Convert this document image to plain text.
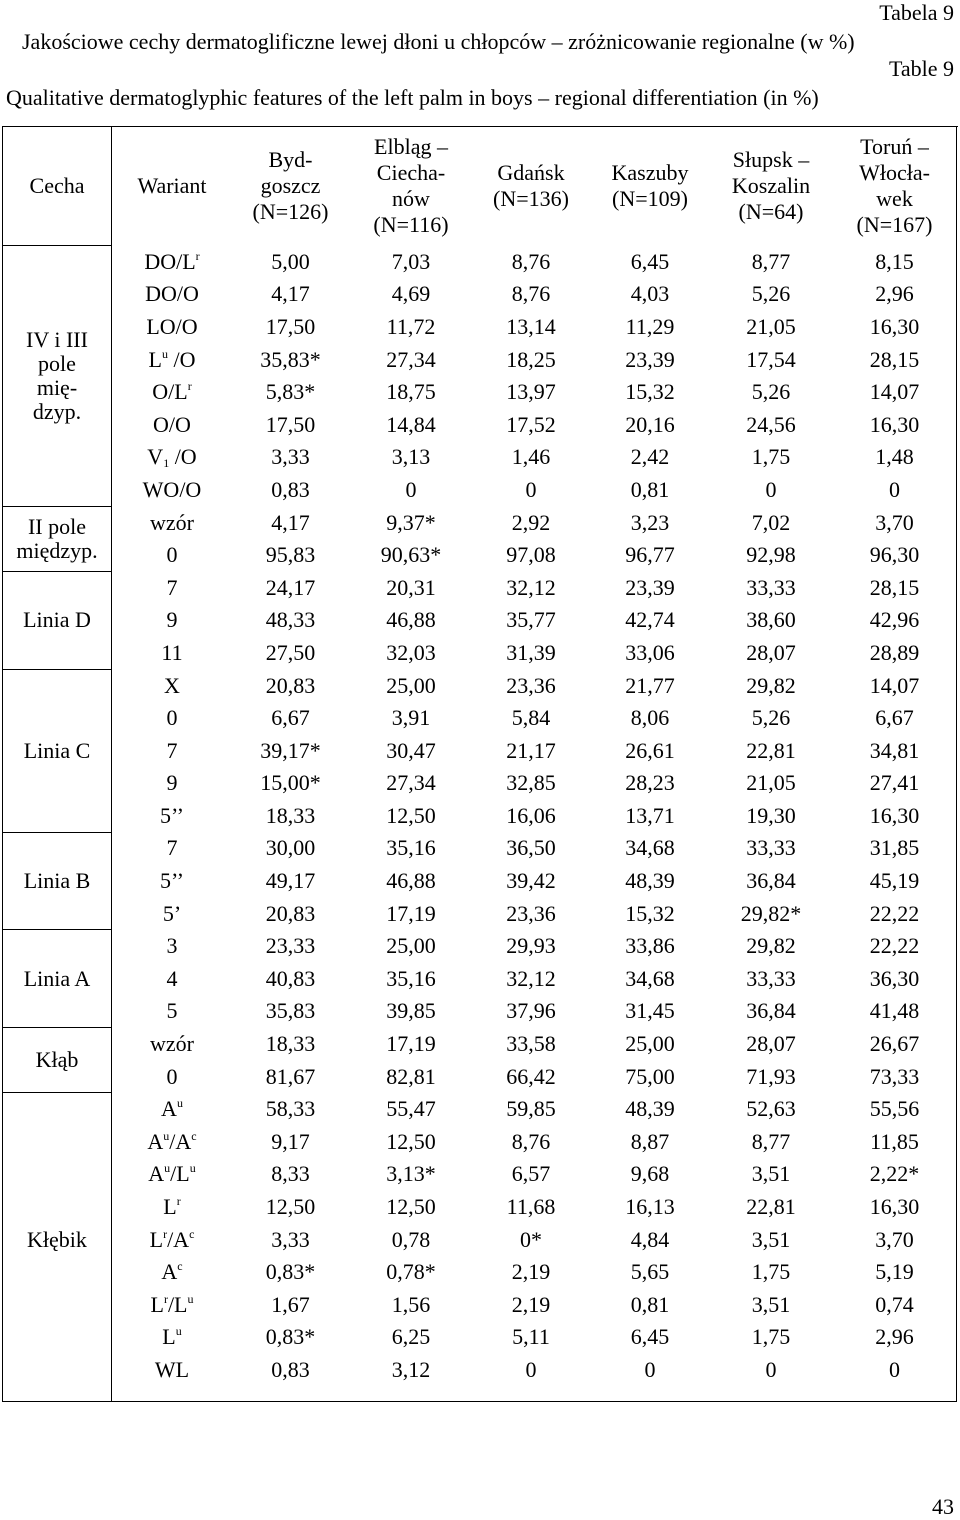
Tabela 9
Jakościowe cechy dermatoglificzne lewej dłoni u chłopców – zróżnicowanie regionalne (w %)
Table 9
Qualitative dermatoglyphic features of the left palm in boys – regional differentiation (in %)
Cecha	Wariant	Byd-
goszcz
(N=126)	Elbląg –
Ciecha-
nów
(N=116)	Gdańsk
(N=136)	Kaszuby
(N=109)	Słupsk –
Koszalin
(N=64)	Toruń –
Włocła-
wek
(N=167)
IV i III
pole
mię-
dzyp.	$DO/L^r$	5,00	7,03	8,76	6,45	8,77	8,15
	DO/O	4,17	4,69	8,76	4,03	5,26	2,96
	LO/O	17,50	11,72	13,14	11,29	21,05	16,30
	$L^u$ /O	35,83*	27,34	18,25	23,39	17,54	28,15
	$O/L^r$	5,83*	18,75	13,97	15,32	5,26	14,07
	O/O	17,50	14,84	17,52	20,16	24,56	16,30
	$V_1$ /O	3,33	3,13	1,46	2,42	1,75	1,48
	WO/O	0,83	0	0	0,81	0	0
II pole
międzyp.	wzór	4,17	9,37*	2,92	3,23	7,02	3,70
	0	95,83	90,63*	97,08	96,77	92,98	96,30
Linia D	7	24,17	20,31	32,12	23,39	33,33	28,15
	9	48,33	46,88	35,77	42,74	38,60	42,96
	11	27,50	32,03	31,39	33,06	28,07	28,89
Linia C	X	20,83	25,00	23,36	21,77	29,82	14,07
	0	6,67	3,91	5,84	8,06	5,26	6,67
	7	39,17*	30,47	21,17	26,61	22,81	34,81
	9	15,00*	27,34	32,85	28,23	21,05	27,41
	5’’	18,33	12,50	16,06	13,71	19,30	16,30
Linia B	7	30,00	35,16	36,50	34,68	33,33	31,85
	5’’	49,17	46,88	39,42	48,39	36,84	45,19
	5’	20,83	17,19	23,36	15,32	29,82*	22,22
Linia A	3	23,33	25,00	29,93	33,86	29,82	22,22
	4	40,83	35,16	32,12	34,68	33,33	36,30
	5	35,83	39,85	37,96	31,45	36,84	41,48
Kłąb	wzór	18,33	17,19	33,58	25,00	28,07	26,67
	0	81,67	82,81	66,42	75,00	71,93	73,33
Kłębik	$A^u$	58,33	55,47	59,85	48,39	52,63	55,56
	$A^u/A^c$	9,17	12,50	8,76	8,87	8,77	11,85
	$A^u/L^u$	8,33	3,13*	6,57	9,68	3,51	2,22*
	$L^r$	12,50	12,50	11,68	16,13	22,81	16,30
	$L^r/A^c$	3,33	0,78	0*	4,84	3,51	3,70
	$A^c$	0,83*	0,78*	2,19	5,65	1,75	5,19
	$L^r/L^u$	1,67	1,56	2,19	0,81	3,51	0,74
	$L^u$	0,83*	6,25	5,11	6,45	1,75	2,96
	WL	0,83	3,12	0	0	0	0
43
